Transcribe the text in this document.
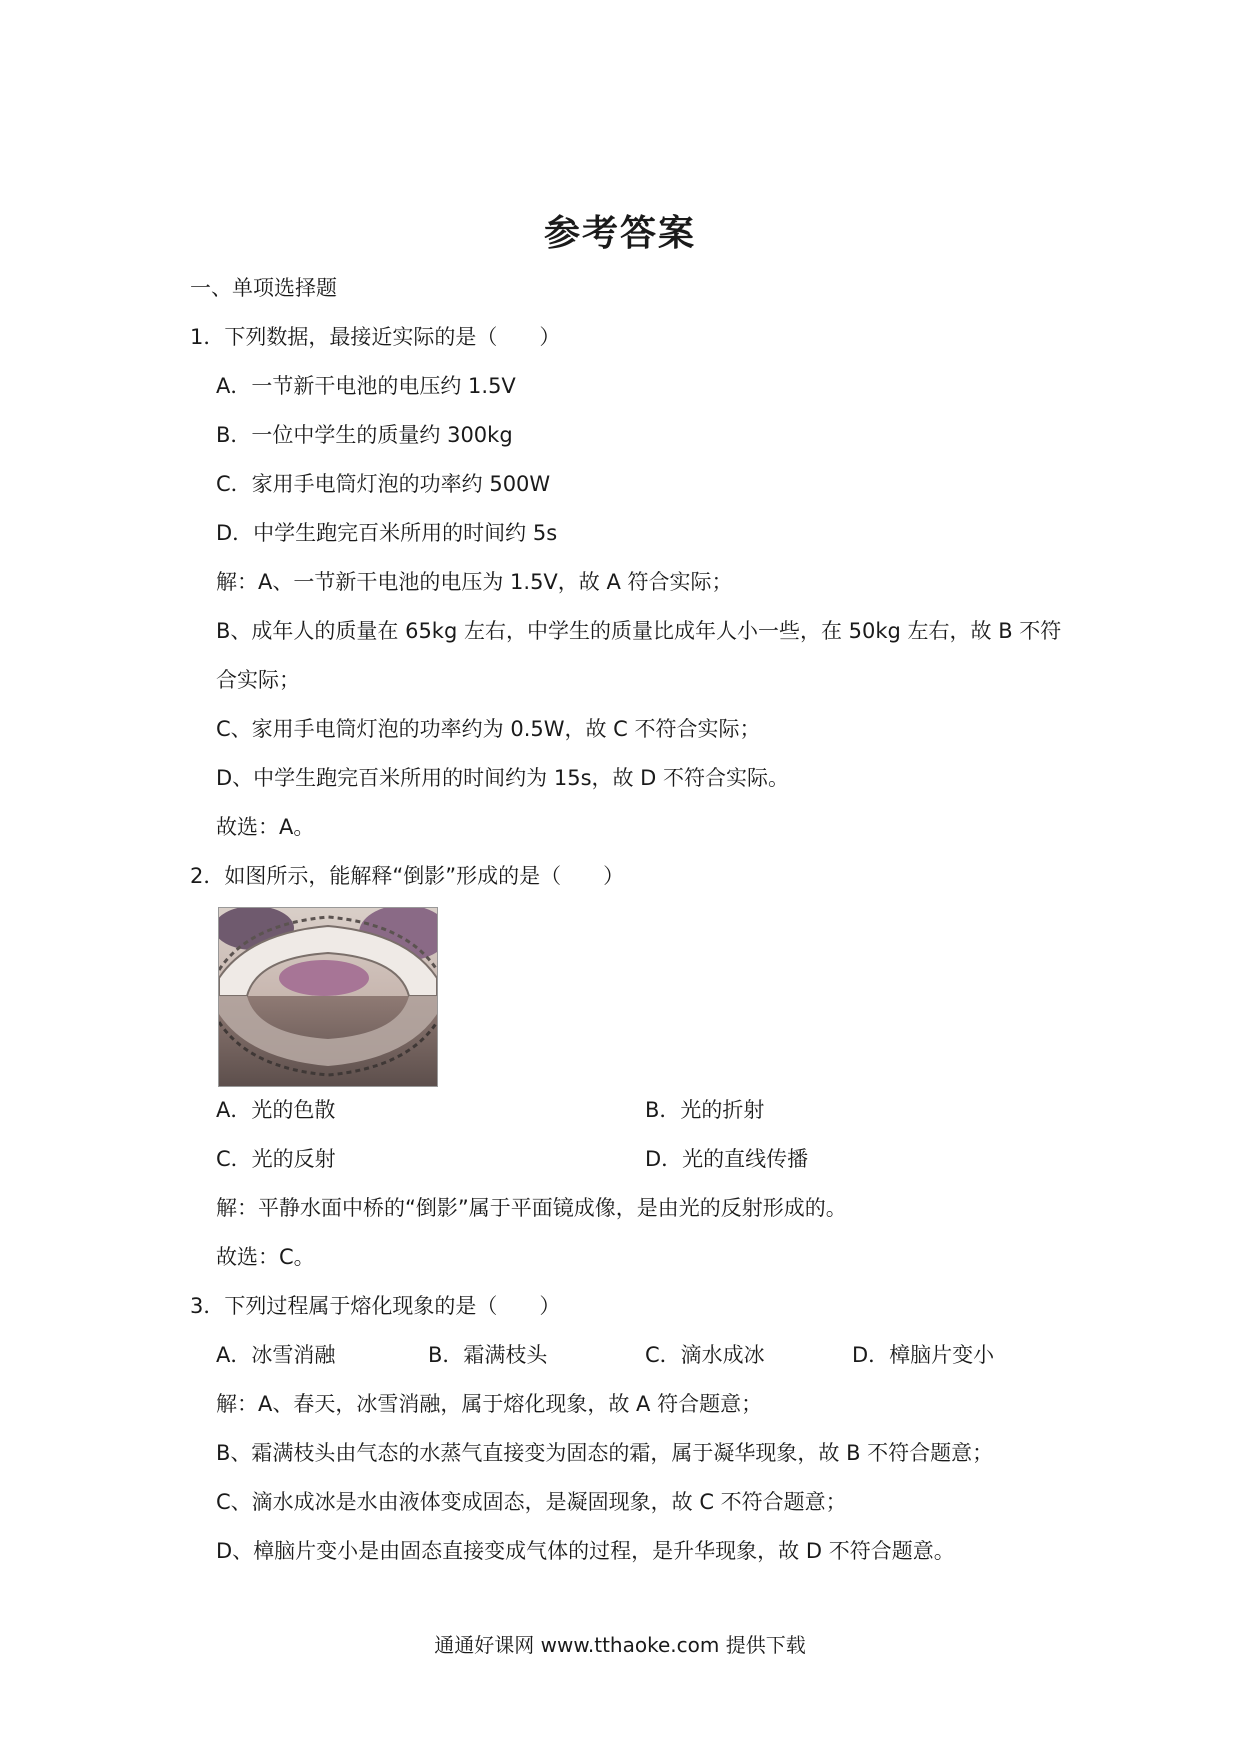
参考答案
一、单项选择题
1．下列数据，最接近实际的是（　　）
A．一节新干电池的电压约 1.5V
B．一位中学生的质量约 300kg
C．家用手电筒灯泡的功率约 500W
D．中学生跑完百米所用的时间约 5s
解：A、一节新干电池的电压为 1.5V，故 A 符合实际；
B、成年人的质量在 65kg 左右，中学生的质量比成年人小一些，在 50kg 左右，故 B 不符
合实际；
C、家用手电筒灯泡的功率约为 0.5W，故 C 不符合实际；
D、中学生跑完百米所用的时间约为 15s，故 D 不符合实际。
故选：A。
2．如图所示，能解释“倒影”形成的是（　　）
A．光的色散	B．光的折射
C．光的反射	D．光的直线传播
解：平静水面中桥的“倒影”属于平面镜成像，是由光的反射形成的。
故选：C。
3．下列过程属于熔化现象的是（　　）
A．冰雪消融	B．霜满枝头	C．滴水成冰	D．樟脑片变小
解：A、春天，冰雪消融，属于熔化现象，故 A 符合题意；
B、霜满枝头由气态的水蒸气直接变为固态的霜，属于凝华现象，故 B 不符合题意；
C、滴水成冰是水由液体变成固态，是凝固现象，故 C 不符合题意；
D、樟脑片变小是由固态直接变成气体的过程，是升华现象，故 D 不符合题意。
通通好课网 www.tthaoke.com 提供下载
